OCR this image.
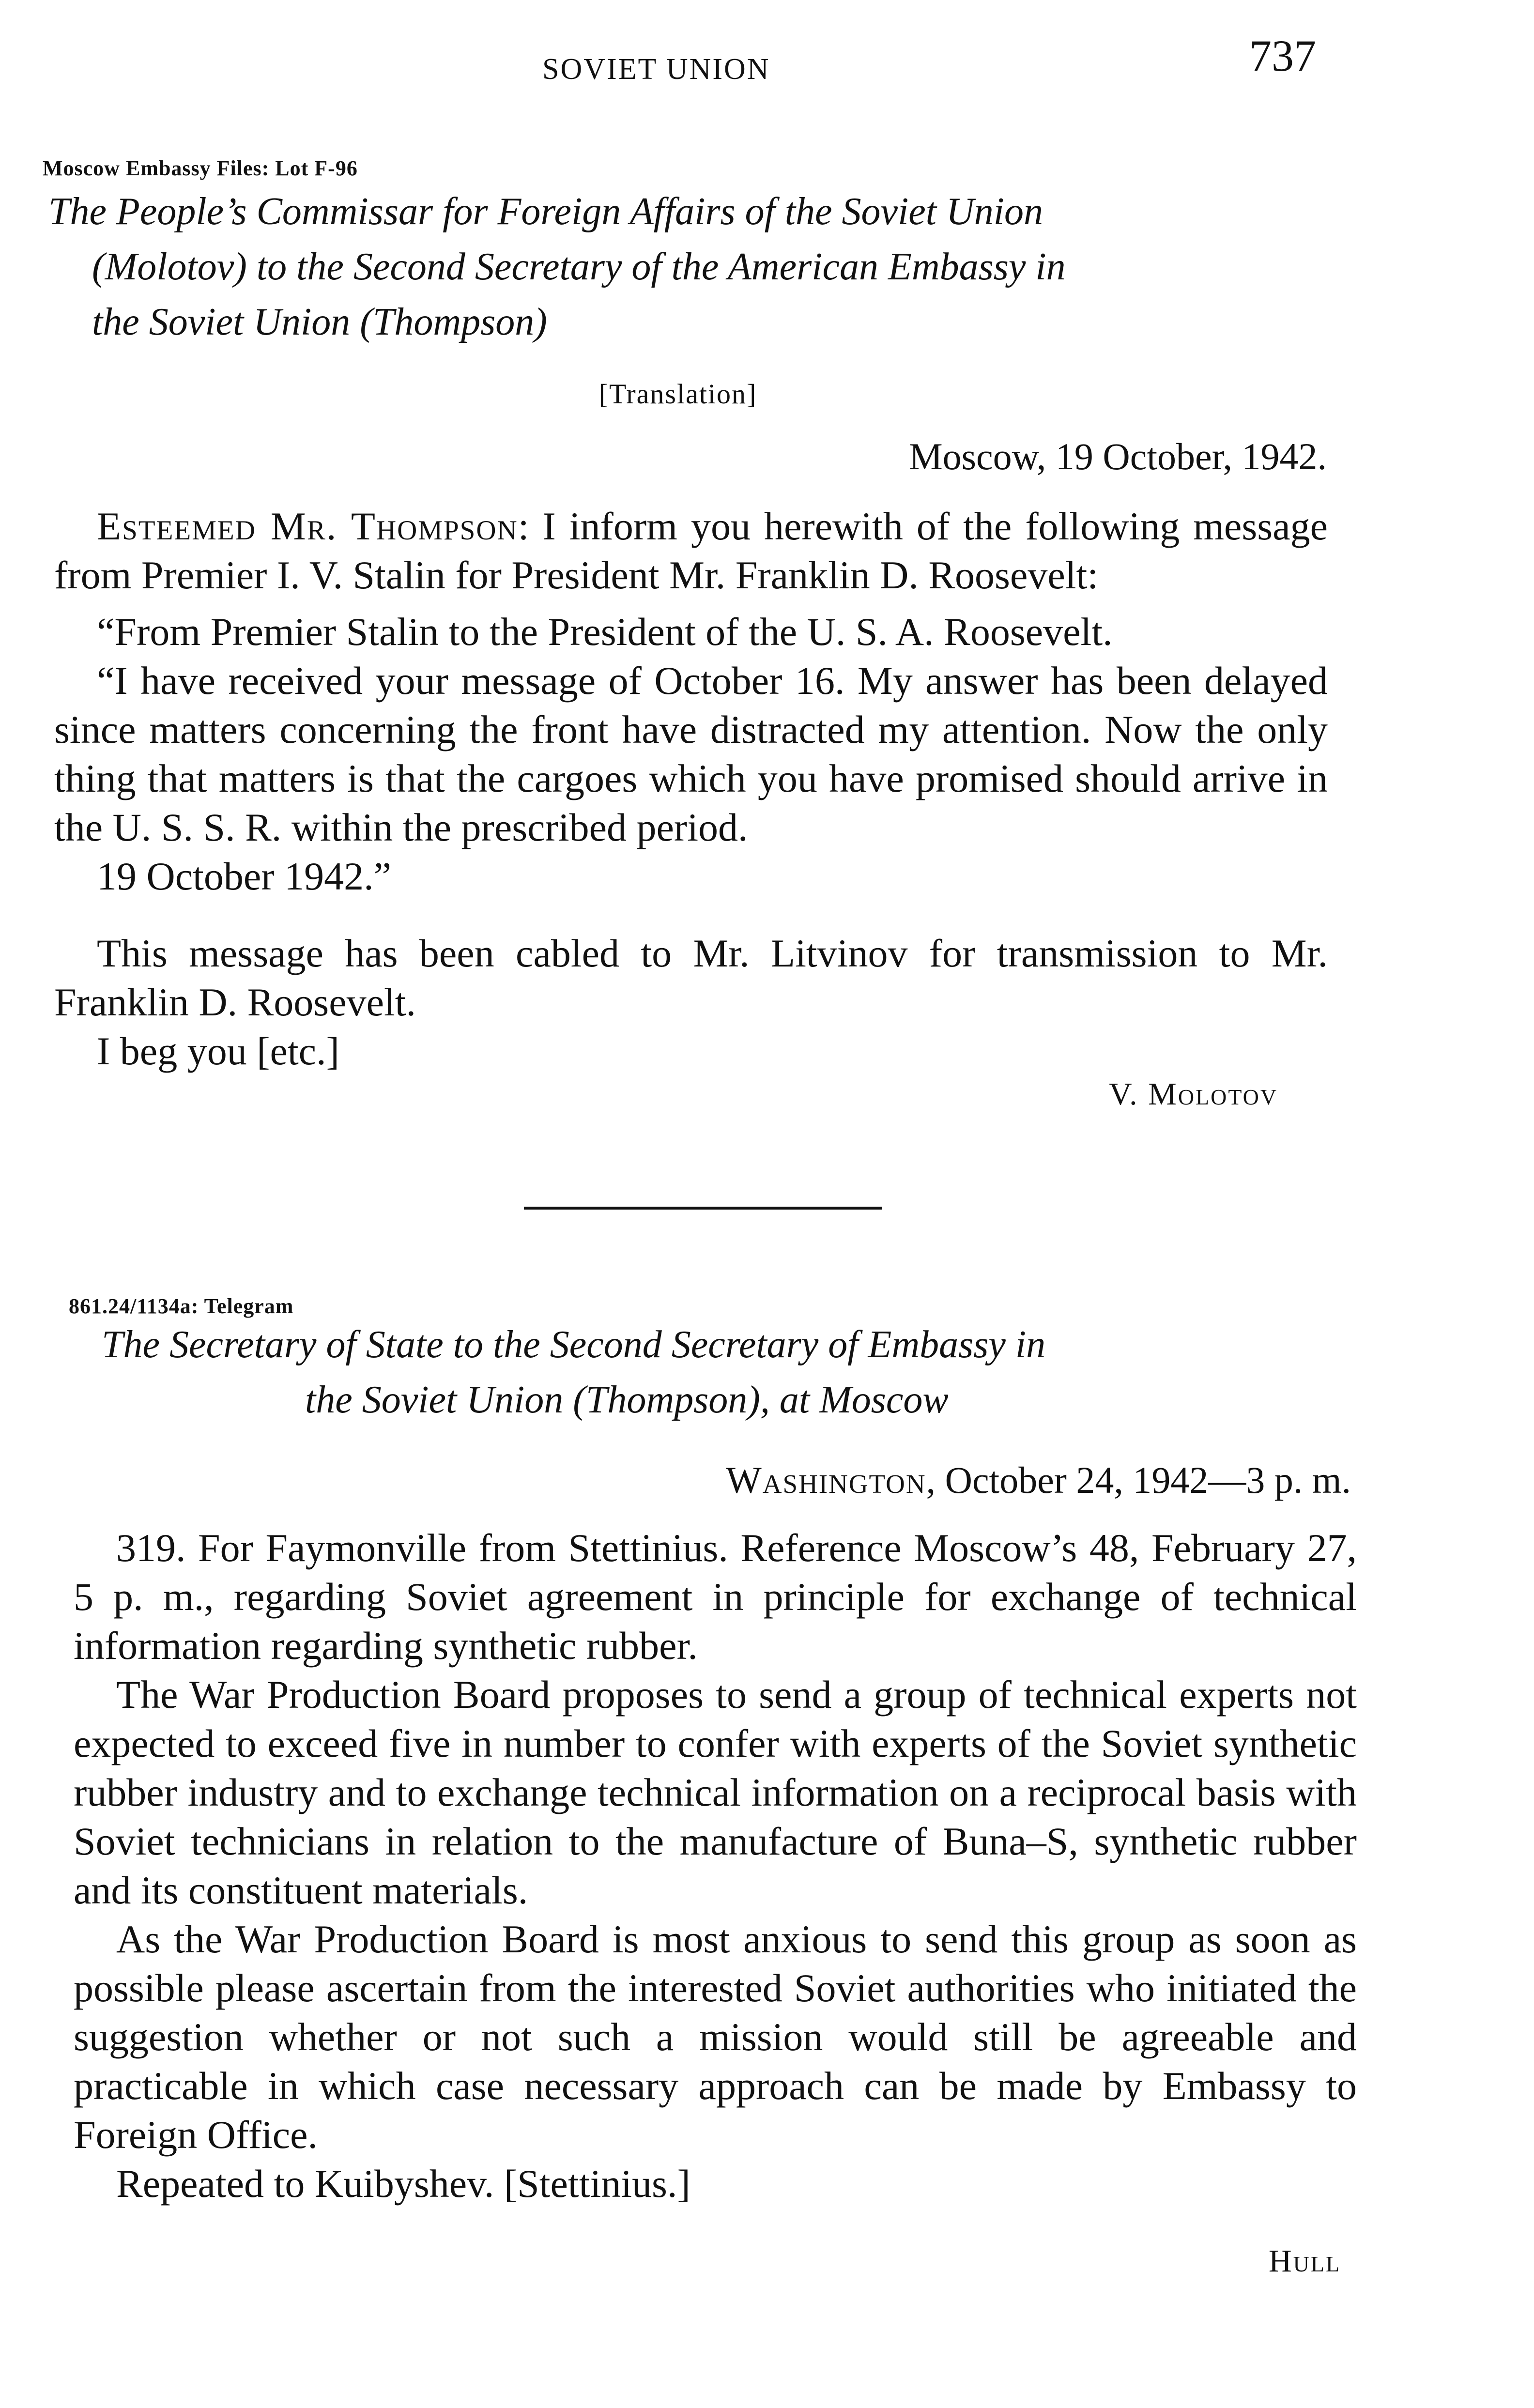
SOVIET UNION	737
Moscow Embassy Files: Lot F-96
The People’s Commissar for Foreign Affairs of the Soviet Union
(Molotov) to the Second Secretary of the American Embassy in
the Soviet Union (Thompson)
[Translation]
Moscow, 19 October, 1942.

Esteemed Mr. Thompson: I inform you herewith of the following message from Premier I. V. Stalin for President Mr. Franklin D. Roosevelt:

“From Premier Stalin to the President of the U. S. A. Roosevelt.

“I have received your message of October 16. My answer has been delayed since matters concerning the front have distracted my attention. Now the only thing that matters is that the cargoes which you have promised should arrive in the U. S. S. R. within the prescribed period.

19 October 1942.”

This message has been cabled to Mr. Litvinov for transmission to Mr. Franklin D. Roosevelt.

I beg you [etc.]

V. Molotov
861.24/1134a: Telegram
The Secretary of State to the Second Secretary of Embassy in
the Soviet Union (Thompson), at Moscow
Washington, October 24, 1942—3 p. m.

319. For Faymonville from Stettinius. Reference Moscow’s 48, February 27, 5 p. m., regarding Soviet agreement in principle for exchange of technical information regarding synthetic rubber.

The War Production Board proposes to send a group of technical experts not expected to exceed five in number to confer with experts of the Soviet synthetic rubber industry and to exchange technical information on a reciprocal basis with Soviet technicians in relation to the manufacture of Buna–S, synthetic rubber and its constituent materials.

As the War Production Board is most anxious to send this group as soon as possible please ascertain from the interested Soviet authorities who initiated the suggestion whether or not such a mission would still be agreeable and practicable in which case necessary approach can be made by Embassy to Foreign Office.

Repeated to Kuibyshev. [Stettinius.]

Hull
